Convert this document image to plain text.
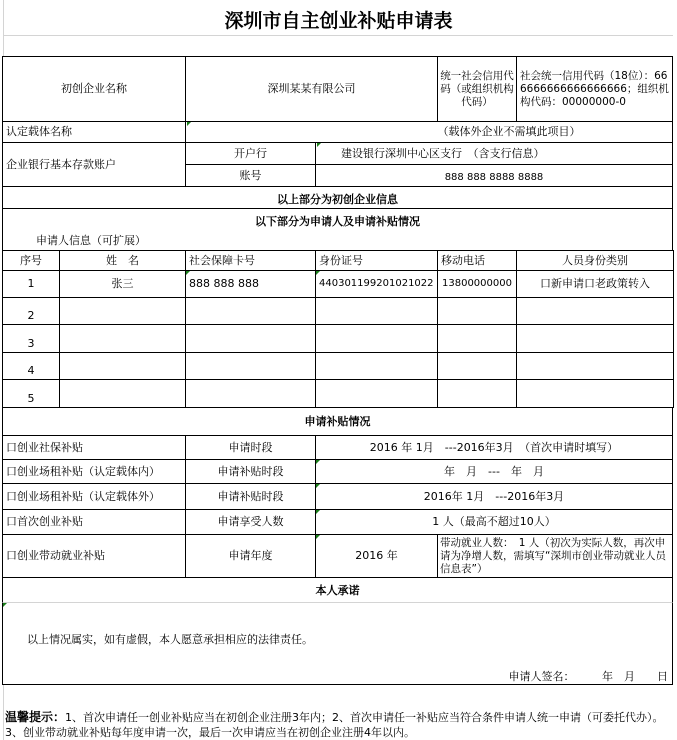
深圳市自主创业补贴申请表
初创企业名称	深圳某某有限公司
统一社会信用代码（或组织机构代码）
社会统一信用代码（18位）：666666666666666666；组织机构代码：00000000-0
认定载体名称	（载体外企业不需填此项目）
企业银行基本存款账户
开户行	建设银行深圳中心区支行　（含支行信息）
账号	888 888 8888 8888
以上部分为初创企业信息
以下部分为申请人及申请补贴情况
申请人信息（可扩展）
序号	姓　名	社会保障卡号	身份证号	移动电话	人员身份类别
1	张三	888 888 888	440301199201021022 13800000000	口新申请口老政策转入
2
3
4
5
申请补贴情况
口创业社保补贴	申请时段	2016 年 1月　---2016年3月　（首次申请时填写）
口创业场租补贴（认定载体内）	申请补贴时段	年　月　---　年　月
口创业场租补贴（认定载体外）	申请补贴时段	2016年 1月　---2016年3月
口首次创业补贴	申请享受人数	1 人（最高不超过10人）
口创业带动就业补贴	申请年度	2016 年
带动就业人数：　1 人（初次为实际人数，再次申请为净增人数，需填写“深圳市创业带动就业人员信息表”）
本人承诺
以上情况属实，如有虚假，本人愿意承担相应的法律责任。
申请人签名：　　　年　月　　日
温馨提示：1、首次申请任一创业补贴应当在初创企业注册3年内；2、首次申请任一补贴应当符合条件申请人统一申请（可委托代办）。3、创业带动就业补贴每年度申请一次，最后一次申请应当在初创企业注册4年以内。
